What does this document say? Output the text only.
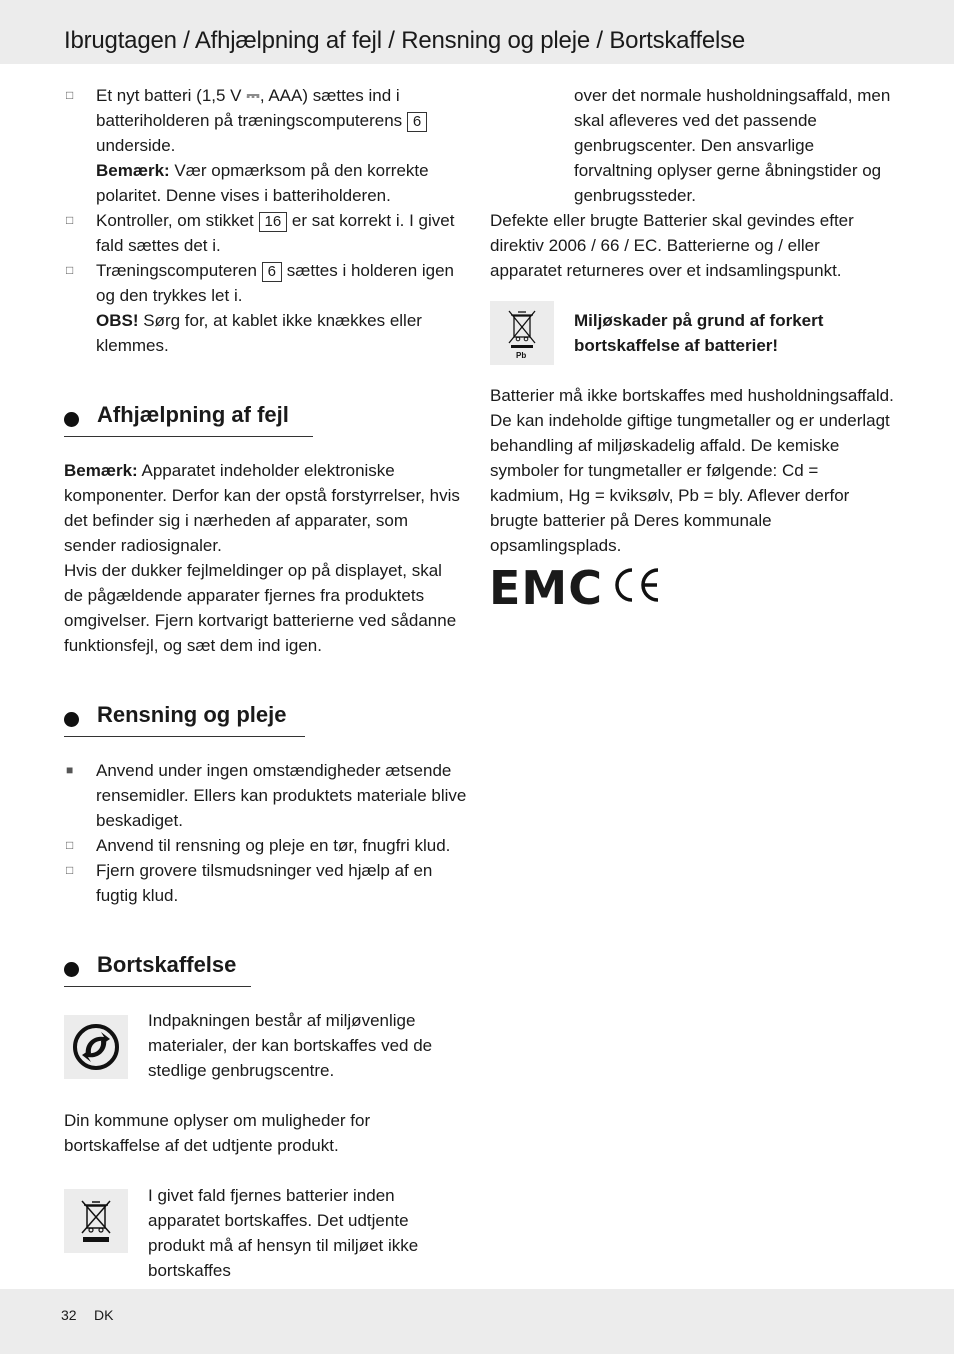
Ibrugtagen / Afhjælpning af fejl / Rensning og pleje / Bortskaffelse
□ Et nyt batteri (1,5 V ⎓, AAA) sættes ind i batteriholderen på træningscomputerens 6 underside.
Bemærk: Vær opmærksom på den korrekte polaritet. Denne vises i batteriholderen.
□ Kontroller, om stikket 16 er sat korrekt i. I givet fald sættes det i.
□ Træningscomputeren 6 sættes i holderen igen og den trykkes let i.
OBS! Sørg for, at kablet ikke knækkes eller klemmes.
Afhjælpning af fejl

Bemærk: Apparatet indeholder elektroniske komponenter. Derfor kan der opstå forstyrrelser, hvis det befinder sig i nærheden af apparater, som sender radiosignaler.

Hvis der dukker fejlmeldinger op på displayet, skal de pågældende apparater fjernes fra produktets omgivelser. Fjern kortvarigt batterierne ved sådanne funktionsfejl, og sæt dem ind igen.

Rensning og pleje
■ Anvend under ingen omstændigheder ætsende rensemidler. Ellers kan produktets materiale blive beskadiget.
□ Anvend til rensning og pleje en tør, fnugfri klud.
□ Fjern grovere tilsmudsninger ved hjælp af en fugtig klud.
Bortskaffelse

Indpakningen består af miljøvenlige materialer, der kan bortskaffes ved de stedlige genbrugscentre.

Din kommune oplyser om muligheder for bortskaffelse af det udtjente produkt.

I givet fald fjernes batterier inden apparatet bortskaffes. Det udtjente produkt må af hensyn til miljøet ikke bortskaffes

over det normale husholdningsaffald, men skal afleveres ved det passende genbrugscenter. Den ansvarlige forvaltning oplyser gerne åbningstider og genbrugssteder.

Defekte eller brugte Batterier skal gevindes efter direktiv 2006 / 66 / EC. Batterierne og / eller apparatet returneres over et indsamlingspunkt.

Pb

Miljøskader på grund af forkert bortskaffelse af batterier!

Batterier må ikke bortskaffes med husholdningsaffald. De kan indeholde giftige tungmetaller og er underlagt behandling af miljøskadelig affald. De kemiske symboler for tungmetaller er følgende: Cd = kadmium, Hg = kviksølv, Pb = bly. Aflever derfor brugte batterier på Deres kommunale opsamlingsplads.

EMC
32 DK
